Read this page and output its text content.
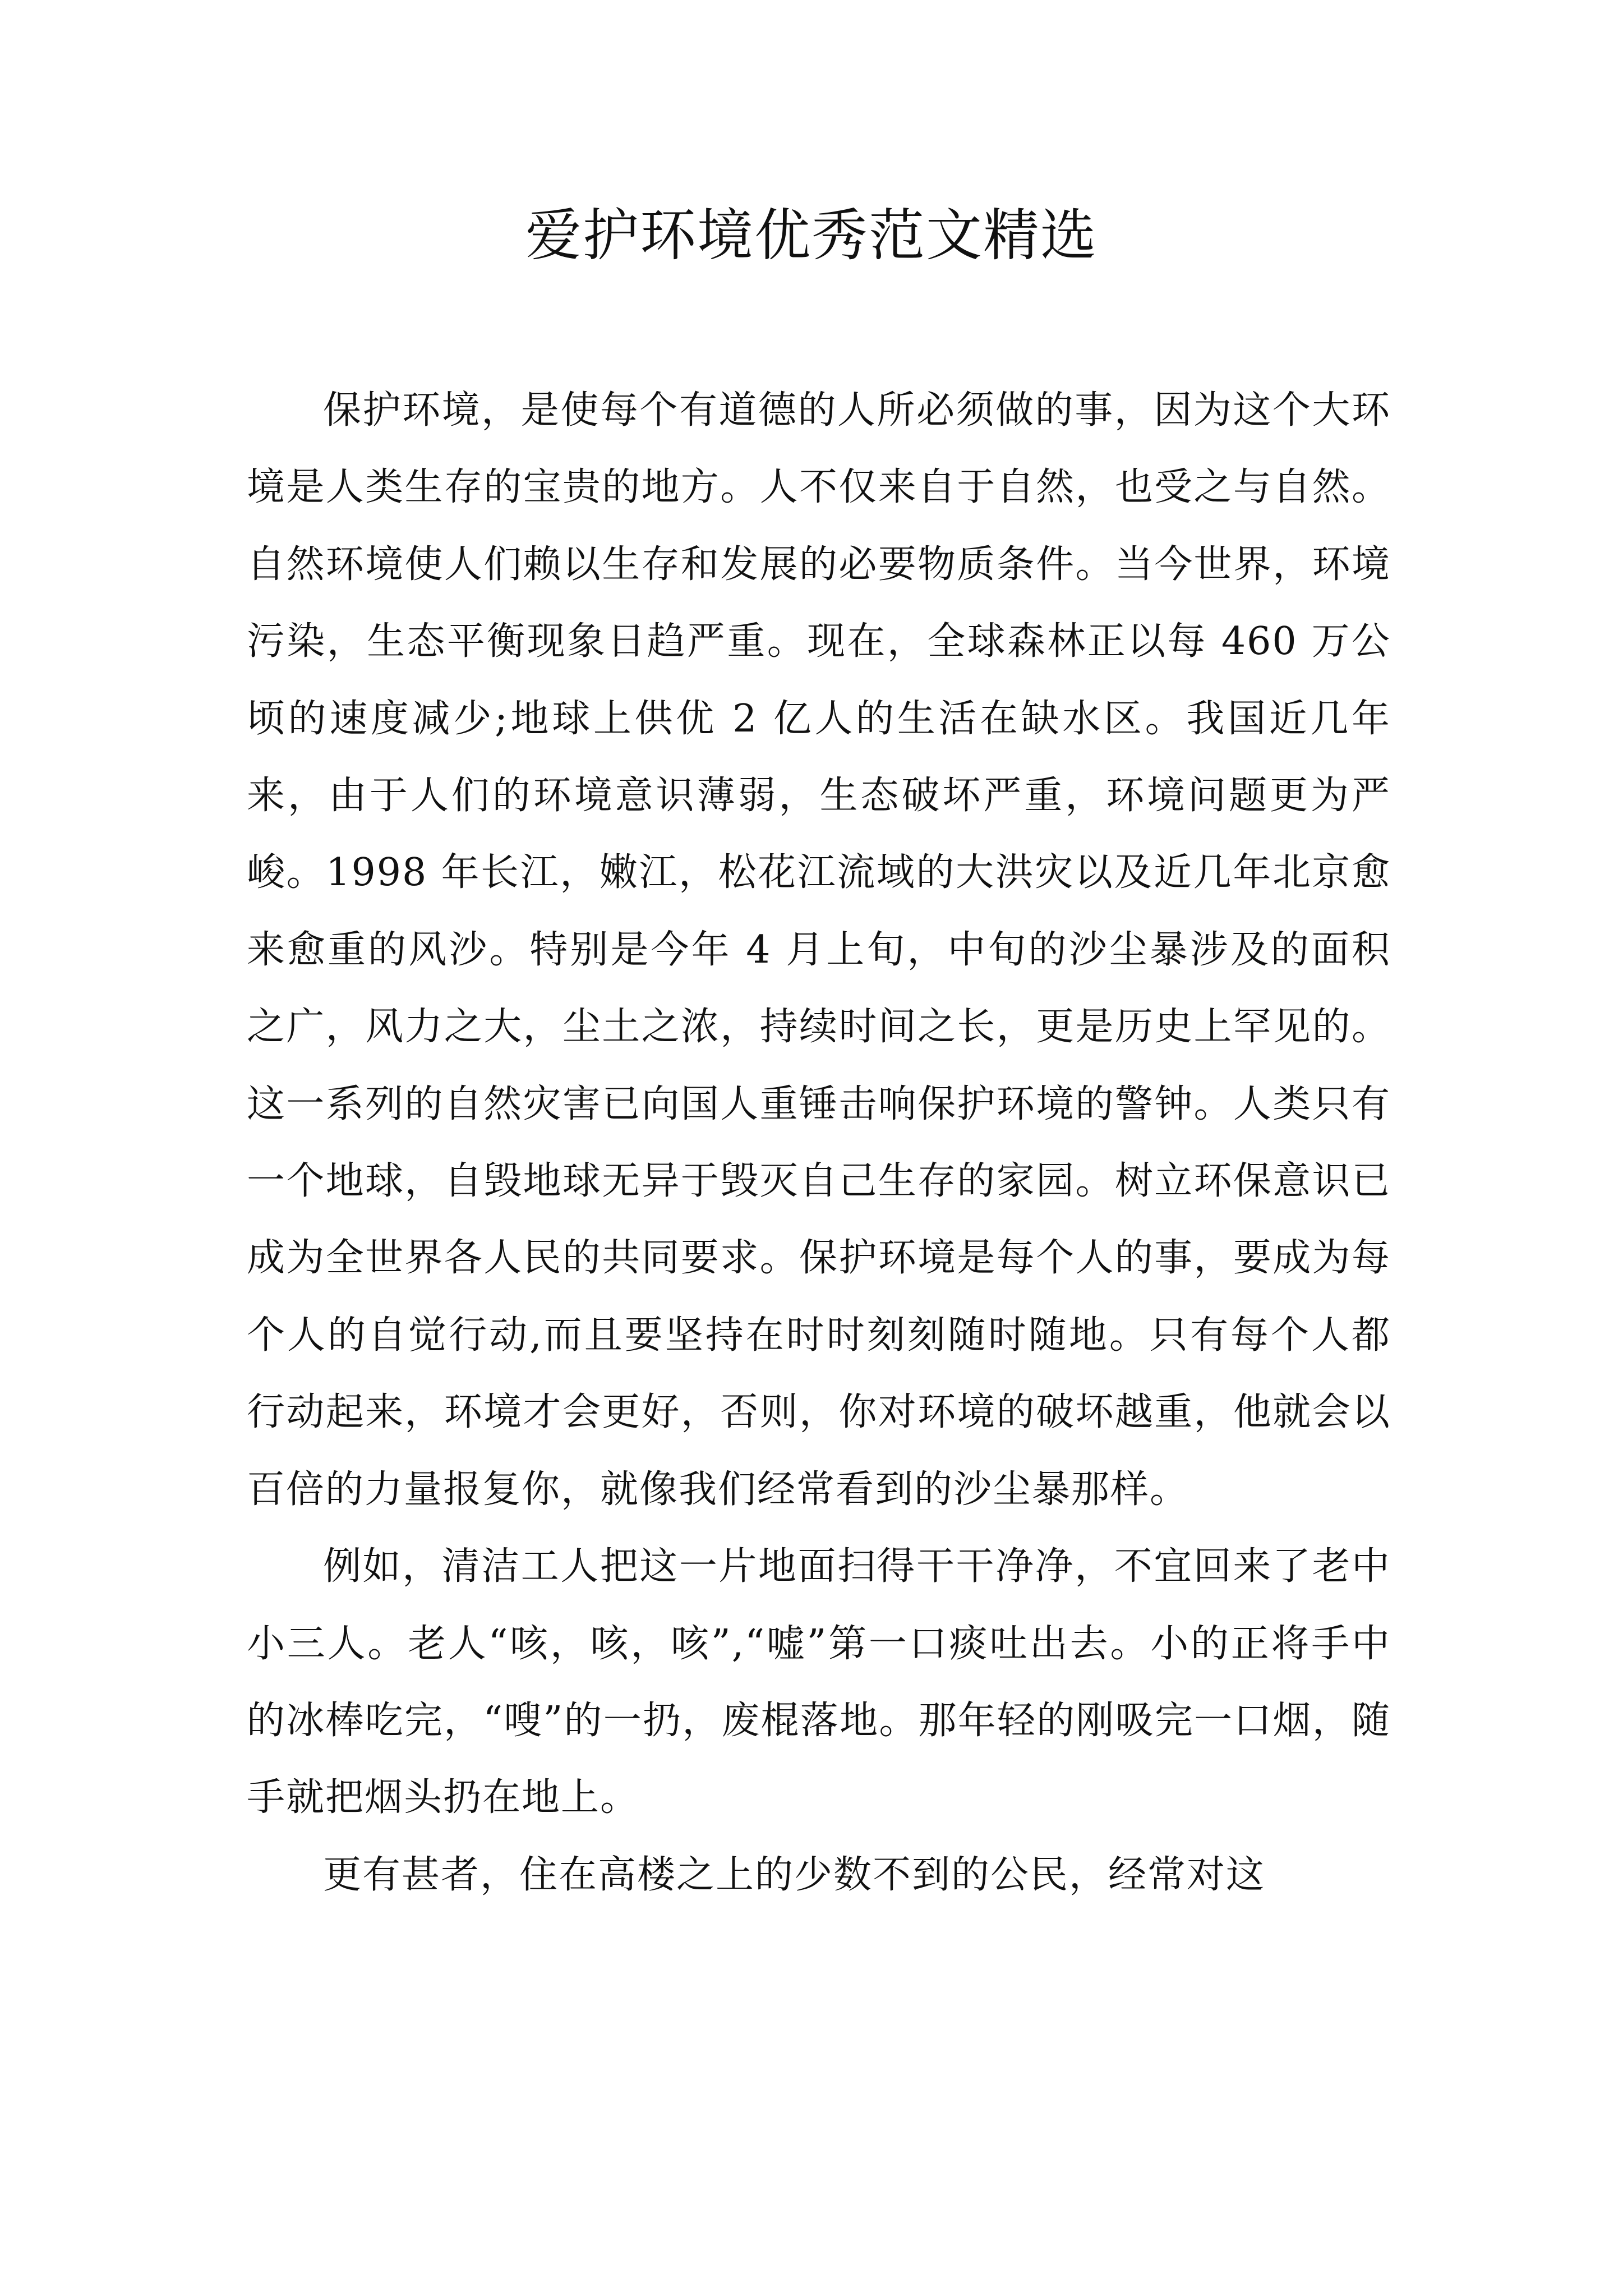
爱护环境优秀范文精选

保护环境，是使每个有道德的人所必须做的事，因为这个大环境是人类生存的宝贵的地方。人不仅来自于自然，也受之与自然。自然环境使人们赖以生存和发展的必要物质条件。当今世界，环境污染，生态平衡现象日趋严重。现在，全球森林正以每 460 万公顷的速度减少;地球上供优 2 亿人的生活在缺水区。我国近几年来，由于人们的环境意识薄弱，生态破坏严重，环境问题更为严峻。1998 年长江，嫩江，松花江流域的大洪灾以及近几年北京愈来愈重的风沙。特别是今年 4 月上旬，中旬的沙尘暴涉及的面积之广，风力之大，尘土之浓，持续时间之长，更是历史上罕见的。这一系列的自然灾害已向国人重锤击响保护环境的警钟。人类只有一个地球，自毁地球无异于毁灭自己生存的家园。树立环保意识已成为全世界各人民的共同要求。保护环境是每个人的事，要成为每个人的自觉行动,而且要坚持在时时刻刻随时随地。只有每个人都行动起来，环境才会更好，否则，你对环境的破坏越重，他就会以百倍的力量报复你，就像我们经常看到的沙尘暴那样。

例如，清洁工人把这一片地面扫得干干净净，不宜回来了老中小三人。老人“咳，咳，咳”,“嘘”第一口痰吐出去。小的正将手中的冰棒吃完，“嗖”的一扔，废棍落地。那年轻的刚吸完一口烟，随手就把烟头扔在地上。

更有甚者，住在高楼之上的少数不到的公民，经常对这
